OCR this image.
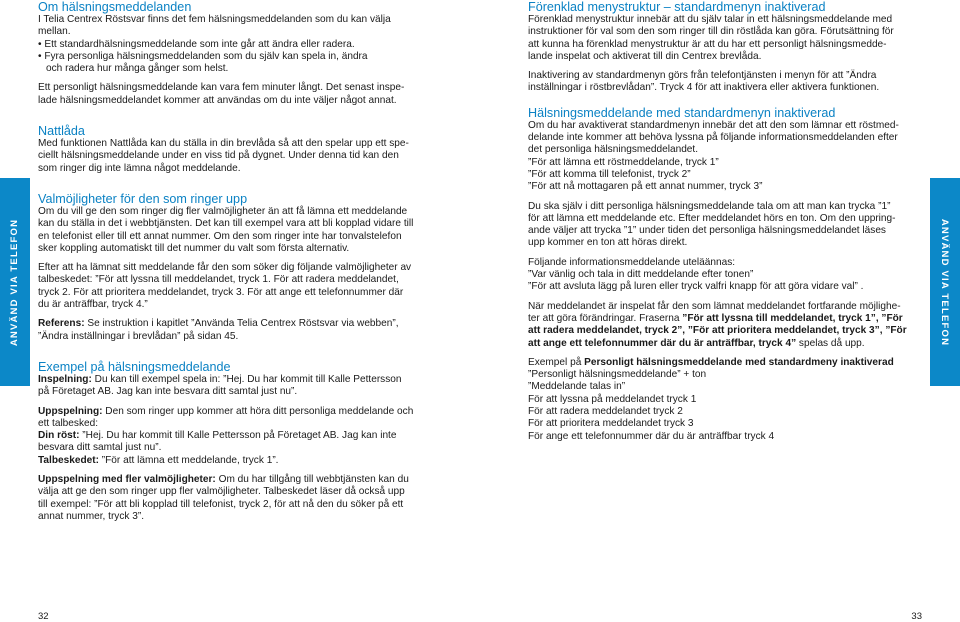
ANVÄND VIA TELEFON
Om hälsningsmeddelanden

I Telia Centrex Röstsvar finns det fem hälsningsmeddelanden som du kan välja

mellan.

• Ett standardhälsningsmeddelande som inte går att ändra eller radera.

• Fyra personliga hälsningsmeddelanden som du själv kan spela in, ändra

och radera hur många gånger som helst.

Ett personligt hälsningsmeddelande kan vara fem minuter långt. Det senast inspe-

lade hälsningsmeddelandet kommer att användas om du inte väljer något annat.

Nattlåda

Med funktionen Nattlåda kan du ställa in din brevlåda så att den spelar upp ett spe-

ciellt hälsningsmeddelande under en viss tid på dygnet. Under denna tid kan den

som ringer dig inte lämna något meddelande.

Valmöjligheter för den som ringer upp

Om du vill ge den som ringer dig fler valmöjligheter än att få lämna ett meddelande

kan du ställa in det i webbtjänsten. Det kan till exempel vara att bli kopplad vidare till

en telefonist eller till ett annat nummer. Om den som ringer inte har tonvalstelefon

sker koppling automatiskt till det nummer du valt som första alternativ.

Efter att ha lämnat sitt meddelande får den som söker dig följande valmöjligheter av

talbeskedet: ”För att lyssna till meddelandet, tryck 1. För att radera meddelandet,

tryck 2. För att prioritera meddelandet, tryck 3. För att ange ett telefonnummer där

du är anträffbar, tryck 4.”

Referens: Se instruktion i kapitlet ”Använda Telia Centrex Röstsvar via webben”,

”Ändra inställningar i brevlådan” på sidan 45.

Exempel på hälsningsmeddelande

Inspelning: Du kan till exempel spela in: ”Hej. Du har kommit till Kalle Pettersson

på Företaget AB. Jag kan inte besvara ditt samtal just nu”.

Uppspelning: Den som ringer upp kommer att höra ditt personliga meddelande och

ett talbesked:

Din röst: ”Hej. Du har kommit till Kalle Pettersson på Företaget AB. Jag kan inte

besvara ditt samtal just nu”.

Talbeskedet: ”För att lämna ett meddelande, tryck 1”.

Uppspelning med fler valmöjligheter: Om du har tillgång till webbtjänsten kan du

välja att ge den som ringer upp fler valmöjligheter. Talbeskedet läser då också upp

till exempel: ”För att bli kopplad till telefonist, tryck 2, för att nå den du söker på ett

annat nummer, tryck 3”.

32
ANVÄND VIA TELEFON
Förenklad menystruktur – standardmenyn inaktiverad

Förenklad menystruktur innebär att du själv talar in ett hälsningsmeddelande med

instruktioner för val som den som ringer till din röstlåda kan göra. Förutsättning för

att kunna ha förenklad menystruktur är att du har ett personligt hälsningsmedde-

lande inspelat och aktiverat till din Centrex brevlåda.

Inaktivering av standardmenyn görs från telefontjänsten i menyn för att ”Ändra

inställningar i röstbrevlådan”. Tryck 4 för att inaktivera eller aktivera funktionen.

Hälsningsmeddelande med standardmenyn inaktiverad

Om du har avaktiverat standardmenyn innebär det att den som lämnar ett röstmed-

delande inte kommer att behöva lyssna på följande informationsmeddelanden efter

det personliga hälsningsmeddelandet.

”För att lämna ett röstmeddelande, tryck 1”

”För att komma till telefonist, tryck 2”

”För att nå mottagaren på ett annat nummer, tryck 3”

Du ska själv i ditt personliga hälsningsmeddelande tala om att man kan trycka ”1”

för att lämna ett meddelande etc. Efter meddelandet hörs en ton. Om den uppring-

ande väljer att trycka ”1” under tiden det personliga hälsningsmeddelandet läses

upp kommer en ton att höras direkt.

Följande informationsmeddelande uteläännas:

”Var vänlig och tala in ditt meddelande efter tonen”

”För att avsluta lägg på luren eller tryck valfri knapp för att göra vidare val” .

När meddelandet är inspelat får den som lämnat meddelandet fortfarande möjlighe-

ter att göra förändringar. Fraserna ”För att lyssna till meddelandet, tryck 1”, ”För

att radera meddelandet, tryck 2”, ”För att prioritera meddelandet, tryck 3”, ”För

att ange ett telefonnummer där du är anträffbar, tryck 4” spelas då upp.

Exempel på Personligt hälsningsmeddelande med standardmeny inaktiverad

”Personligt hälsningsmeddelande” + ton

”Meddelande talas in”

För att lyssna på meddelandet tryck 1

För att radera meddelandet tryck 2

För att prioritera meddelandet tryck 3

För ange ett telefonnummer där du är anträffbar tryck 4

33
